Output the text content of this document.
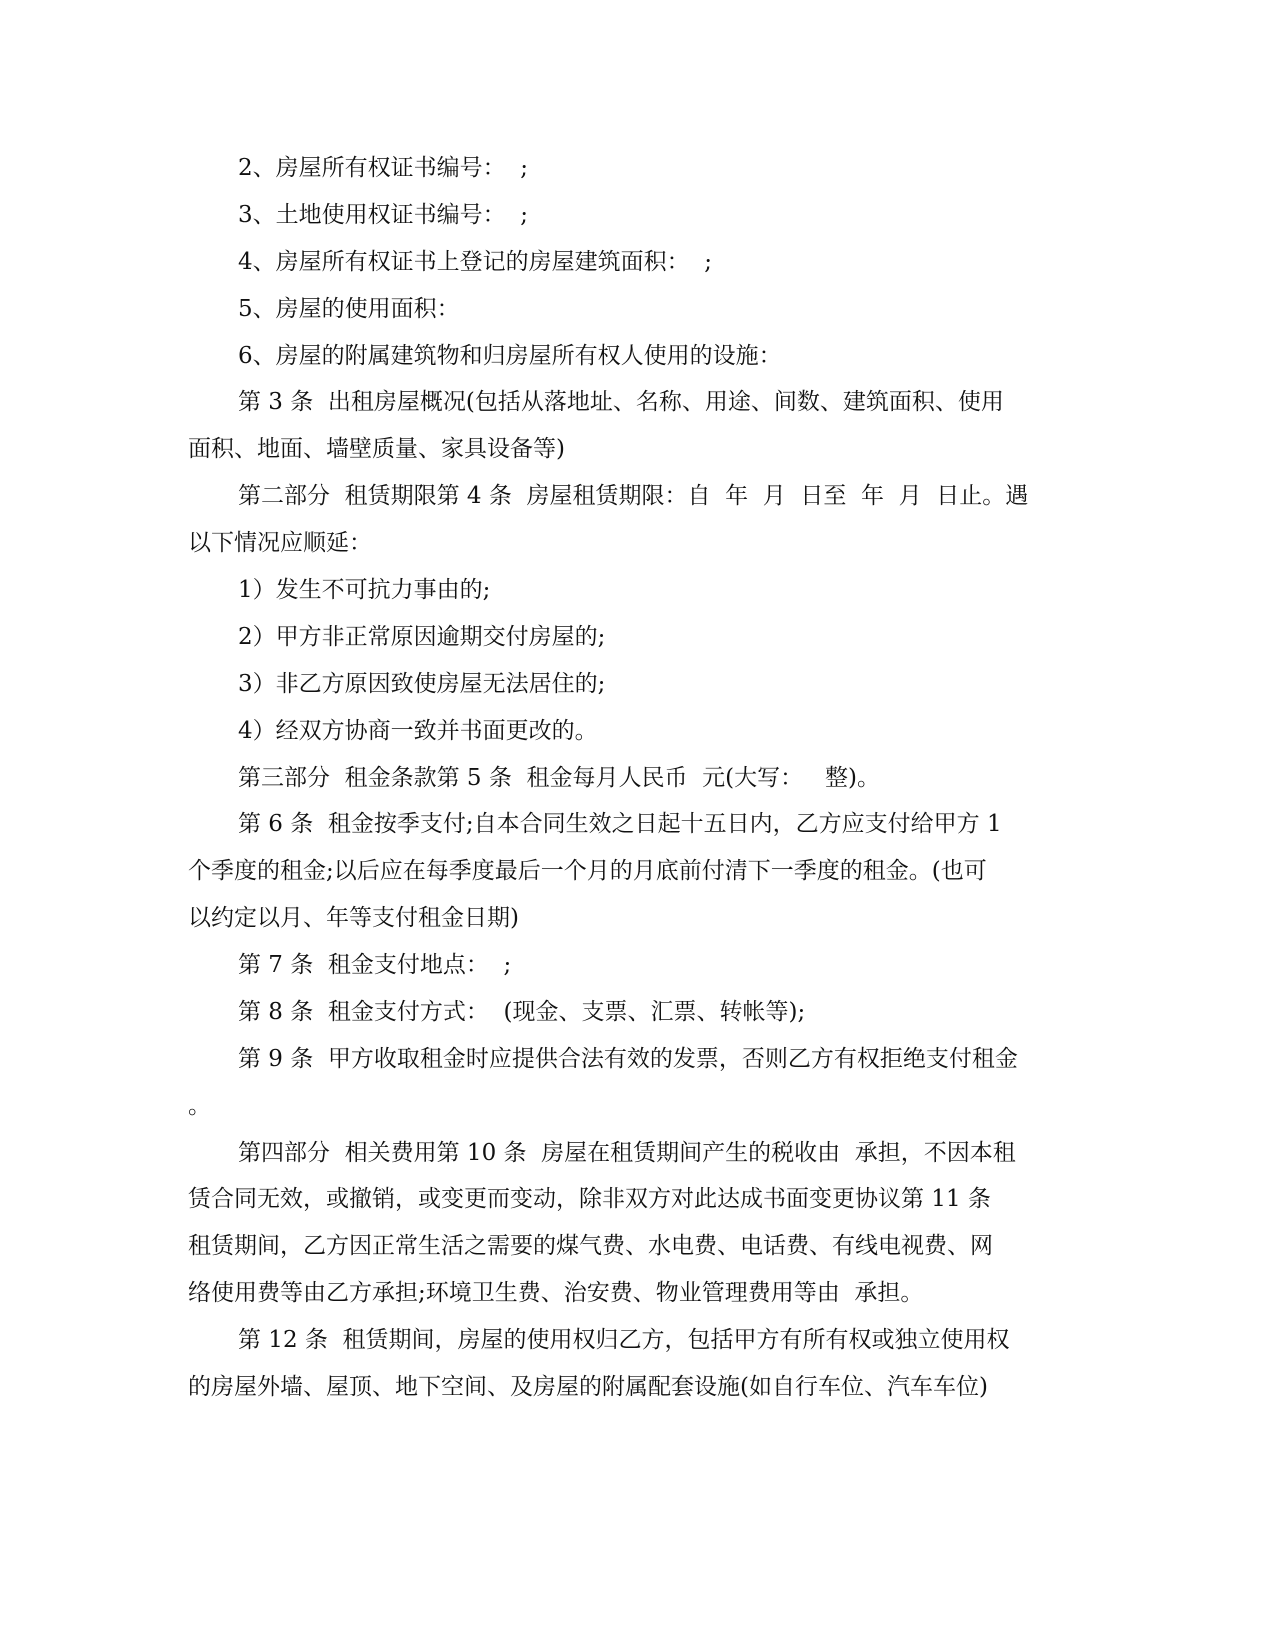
2、房屋所有权证书编号：  ;
3、土地使用权证书编号：  ;
4、房屋所有权证书上登记的房屋建筑面积：  ;
5、房屋的使用面积：
6、房屋的附属建筑物和归房屋所有权人使用的设施：
第 3 条  出租房屋概况(包括从落地址、名称、用途、间数、建筑面积、使用
面积、地面、墙壁质量、家具设备等)
第二部分  租赁期限第 4 条  房屋租赁期限：自  年  月  日至  年  月  日止。遇
以下情况应顺延：
1）发生不可抗力事由的;
2）甲方非正常原因逾期交付房屋的;
3）非乙方原因致使房屋无法居住的;
4）经双方协商一致并书面更改的。
第三部分  租金条款第 5 条  租金每月人民币  元(大写：   整)。
第 6 条  租金按季支付;自本合同生效之日起十五日内，乙方应支付给甲方 1
个季度的租金;以后应在每季度最后一个月的月底前付清下一季度的租金。(也可
以约定以月、年等支付租金日期)
第 7 条  租金支付地点：  ;
第 8 条  租金支付方式：  (现金、支票、汇票、转帐等);
第 9 条  甲方收取租金时应提供合法有效的发票，否则乙方有权拒绝支付租金
。
第四部分  相关费用第 10 条  房屋在租赁期间产生的税收由  承担，不因本租
赁合同无效，或撤销，或变更而变动，除非双方对此达成书面变更协议第 11 条
租赁期间，乙方因正常生活之需要的煤气费、水电费、电话费、有线电视费、网
络使用费等由乙方承担;环境卫生费、治安费、物业管理费用等由  承担。
第 12 条  租赁期间，房屋的使用权归乙方，包括甲方有所有权或独立使用权
的房屋外墙、屋顶、地下空间、及房屋的附属配套设施(如自行车位、汽车车位)
